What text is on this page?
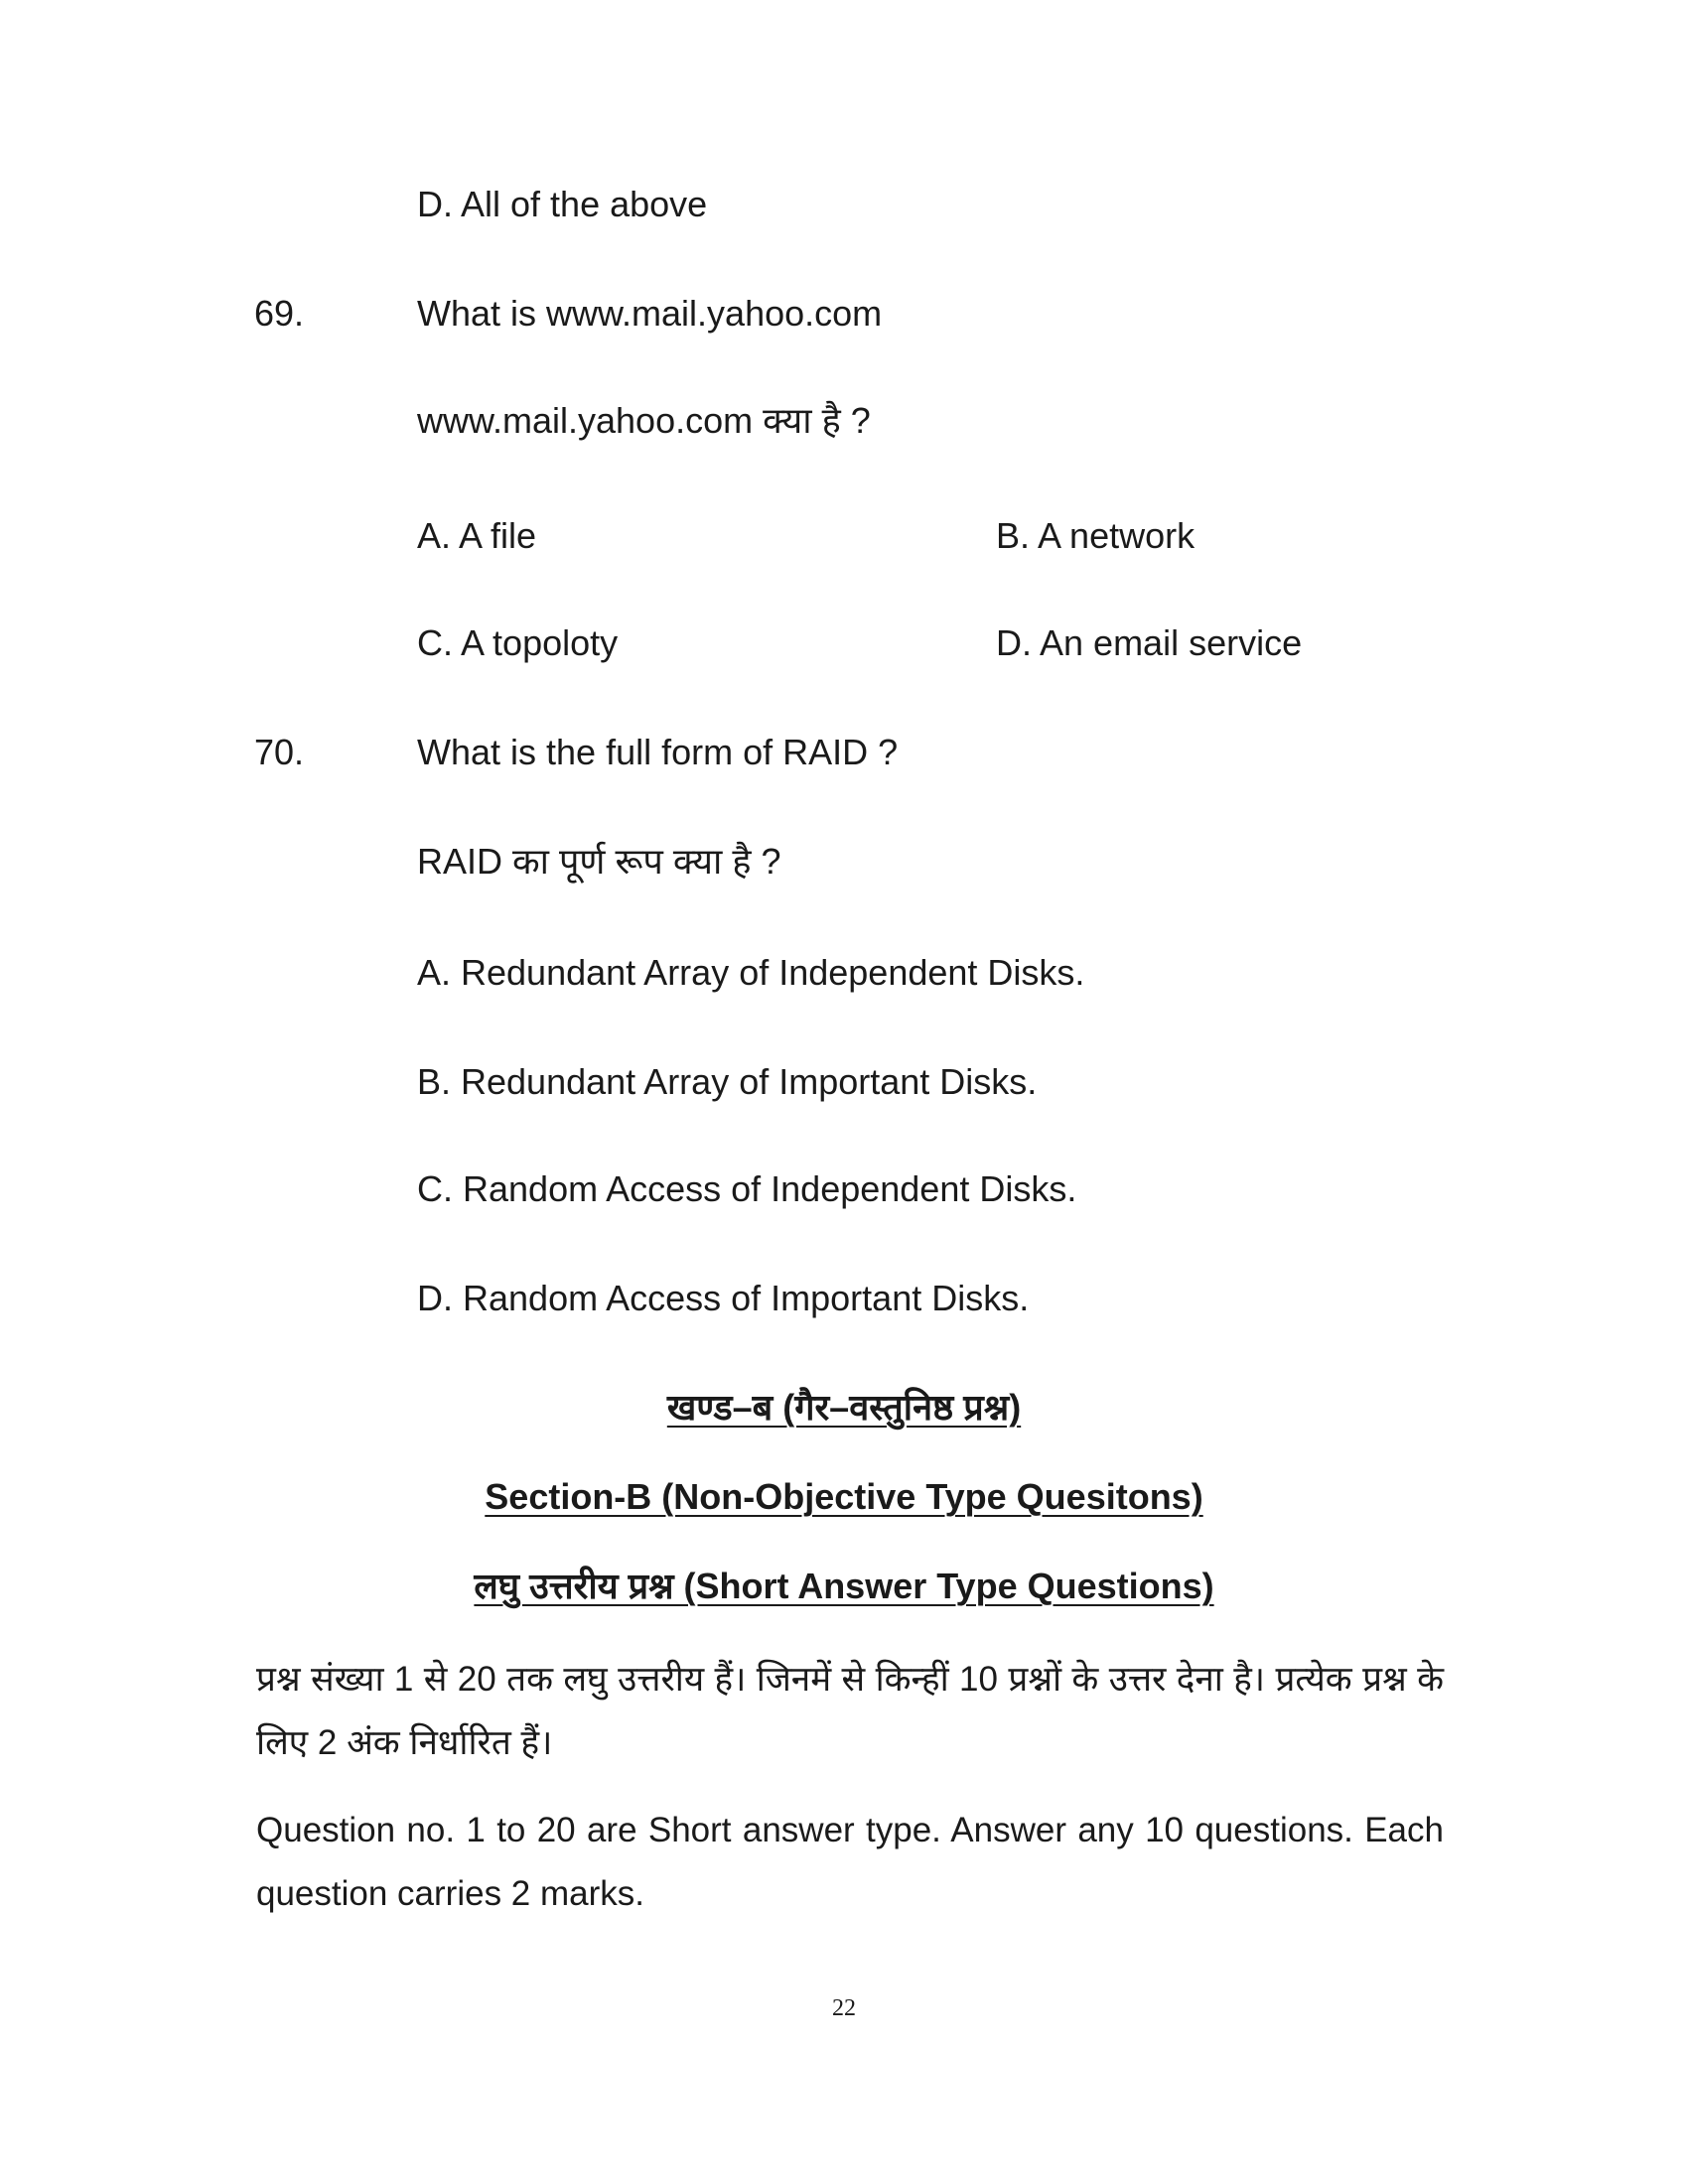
D. All of the above
69.	What is www.mail.yahoo.com
www.mail.yahoo.com क्या है ?
A. A file	B. A network
C. A topoloty	D. An email service
70.	What is the full form of RAID ?
RAID का पूर्ण रूप क्या है ?
A. Redundant Array of Independent Disks.
B. Redundant Array of Important Disks.
C. Random Access of Independent Disks.
D. Random Access of Important Disks.
खण्ड–ब (गैर–वस्तुनिष्ठ प्रश्न)
Section-B (Non-Objective Type Quesitons)
लघु उत्तरीय प्रश्न (Short Answer Type Questions)
प्रश्न संख्या 1 से 20 तक लघु उत्तरीय हैं। जिनमें से किन्हीं 10 प्रश्नों के उत्तर देना है। प्रत्येक प्रश्न के लिए 2 अंक निर्धारित हैं।
Question no. 1 to 20 are Short answer type. Answer any 10 questions. Each question carries 2 marks.
22
